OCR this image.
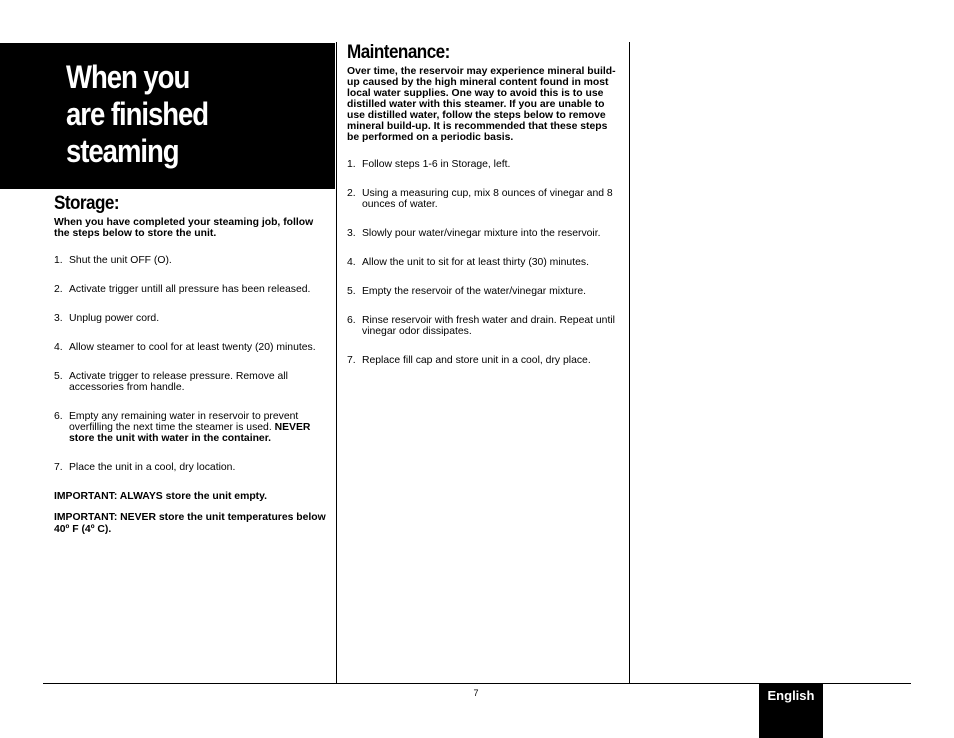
When you
are finished
steaming
Storage:

When you have completed your steaming job, follow the steps below to store the unit.

1. Shut the unit OFF (O).
2. Activate trigger untill all pressure has been released.
3. Unplug power cord.
4. Allow steamer to cool for at least twenty (20) minutes.
5. Activate trigger to release pressure. Remove all accessories from handle.
6. Empty any remaining water in reservoir to prevent overfilling the next time the steamer is used. NEVER store the unit with water in the container.
7. Place the unit in a cool, dry location.

IMPORTANT: ALWAYS store the unit empty.

IMPORTANT: NEVER store the unit temperatures below 40º F (4º C).

Maintenance:

Over time, the reservoir may experience mineral build-up caused by the high mineral content found in most local water supplies. One way to avoid this is to use distilled water with this steamer. If you are unable to use distilled water, follow the steps below to remove mineral build-up. It is recommended that these steps be performed on a periodic basis.

1. Follow steps 1-6 in Storage, left.
2. Using a measuring cup, mix 8 ounces of vinegar and 8 ounces of water.
3. Slowly pour water/vinegar mixture into the reservoir.
4. Allow the unit to sit for at least thirty (30) minutes.
5. Empty the reservoir of the water/vinegar mixture.
6. Rinse reservoir with fresh water and drain. Repeat until vinegar odor dissipates.
7. Replace fill cap and store unit in a cool, dry place.
7	English
